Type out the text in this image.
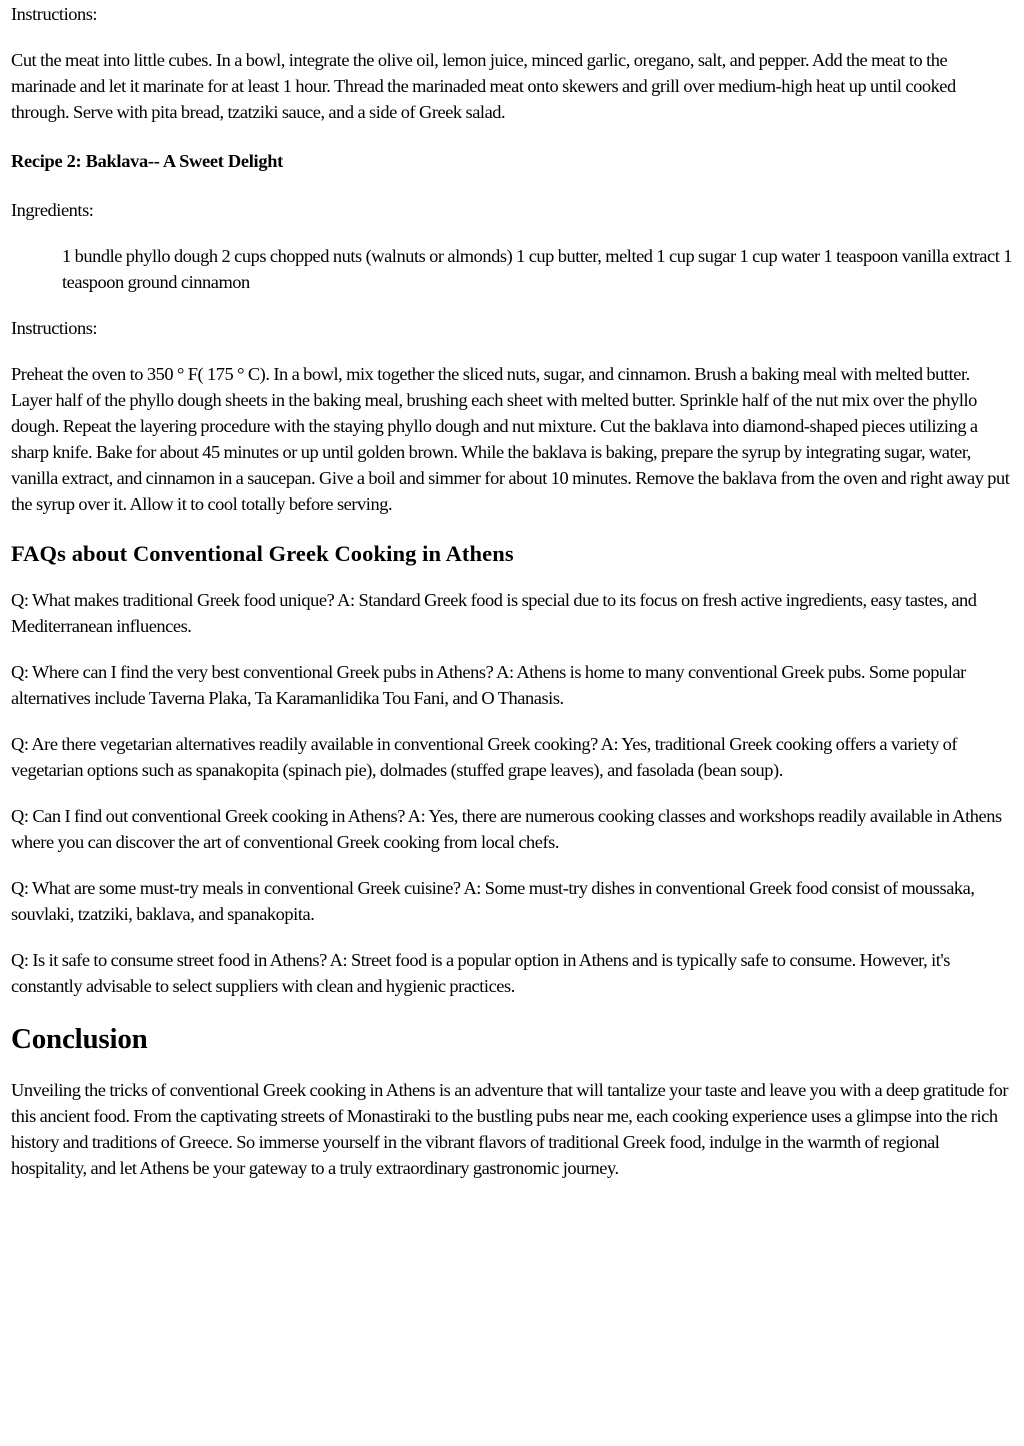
Instructions:

Cut the meat into little cubes. In a bowl, integrate the olive oil, lemon juice, minced garlic, oregano, salt, and pepper. Add the meat to the marinade and let it marinate for at least 1 hour. Thread the marinaded meat onto skewers and grill over medium-high heat up until cooked through. Serve with pita bread, tzatziki sauce, and a side of Greek salad.

Recipe 2: Baklava-- A Sweet Delight

Ingredients:

1 bundle phyllo dough 2 cups chopped nuts (walnuts or almonds) 1 cup butter, melted 1 cup sugar 1 cup water 1 teaspoon vanilla extract 1 teaspoon ground cinnamon

Instructions:

Preheat the oven to 350 ° F( 175 ° C). In a bowl, mix together the sliced nuts, sugar, and cinnamon. Brush a baking meal with melted butter. Layer half of the phyllo dough sheets in the baking meal, brushing each sheet with melted butter. Sprinkle half of the nut mix over the phyllo dough. Repeat the layering procedure with the staying phyllo dough and nut mixture. Cut the baklava into diamond-shaped pieces utilizing a sharp knife. Bake for about 45 minutes or up until golden brown. While the baklava is baking, prepare the syrup by integrating sugar, water, vanilla extract, and cinnamon in a saucepan. Give a boil and simmer for about 10 minutes. Remove the baklava from the oven and right away put the syrup over it. Allow it to cool totally before serving.

FAQs about Conventional Greek Cooking in Athens

Q: What makes traditional Greek food unique? A: Standard Greek food is special due to its focus on fresh active ingredients, easy tastes, and Mediterranean influences.

Q: Where can I find the very best conventional Greek pubs in Athens? A: Athens is home to many conventional Greek pubs. Some popular alternatives include Taverna Plaka, Ta Karamanlidika Tou Fani, and O Thanasis.

Q: Are there vegetarian alternatives readily available in conventional Greek cooking? A: Yes, traditional Greek cooking offers a variety of vegetarian options such as spanakopita (spinach pie), dolmades (stuffed grape leaves), and fasolada (bean soup).

Q: Can I find out conventional Greek cooking in Athens? A: Yes, there are numerous cooking classes and workshops readily available in Athens where you can discover the art of conventional Greek cooking from local chefs.

Q: What are some must-try meals in conventional Greek cuisine? A: Some must-try dishes in conventional Greek food consist of moussaka, souvlaki, tzatziki, baklava, and spanakopita.

Q: Is it safe to consume street food in Athens? A: Street food is a popular option in Athens and is typically safe to consume. However, it's constantly advisable to select suppliers with clean and hygienic practices.

Conclusion

Unveiling the tricks of conventional Greek cooking in Athens is an adventure that will tantalize your taste and leave you with a deep gratitude for this ancient food. From the captivating streets of Monastiraki to the bustling pubs near me, each cooking experience uses a glimpse into the rich history and traditions of Greece. So immerse yourself in the vibrant flavors of traditional Greek food, indulge in the warmth of regional hospitality, and let Athens be your gateway to a truly extraordinary gastronomic journey.
